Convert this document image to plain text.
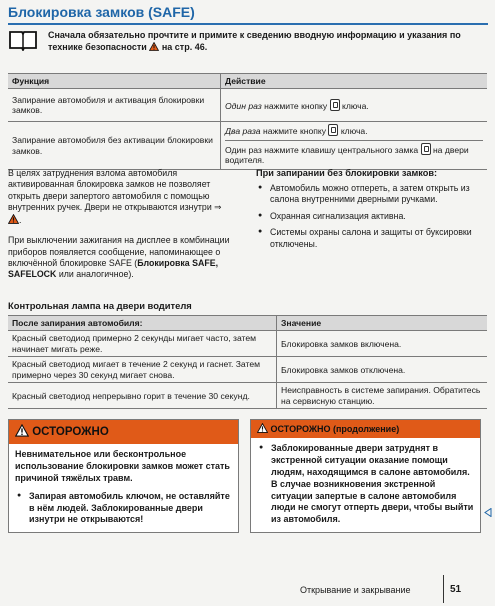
Блокировка замков (SAFE)
Сначала обязательно прочтите и примите к сведению вводную информацию и указания по технике безопасности на стр. 46.
Функция	Действие
Запирание автомобиля и активация блокировки замков.	Один раз нажмите кнопку ключа.
Запирание автомобиля без активации блокировки замков.	Два раза нажмите кнопку ключа.
Один раз нажмите клавишу центрального замка на двери водителя.

В целях затруднения взлома автомобиля активированная блокировка замков не позволяет открыть двери запертого автомобиля с помощью внутренних ручек. Двери не открываются изнутри ⇒ .

При выключении зажигания на дисплее в комбинации приборов появляется сообщение, напоминающее о включённой блокировке SAFE (Блокировка SAFE, SAFELOCK или аналогичное).

При запирании без блокировки замков:
● Автомобиль можно отпереть, а затем открыть из салона внутренними дверными ручками.
● Охранная сигнализация активна.
● Системы охраны салона и защиты от буксировки отключены.
Контрольная лампа на двери водителя
После запирания автомобиля:	Значение
Красный светодиод примерно 2 секунды мигает часто, затем начинает мигать реже.	Блокировка замков включена.
Красный светодиод мигает в течение 2 секунд и гаснет. Затем примерно через 30 секунд мигает снова.	Блокировка замков отключена.
Красный светодиод непрерывно горит в течение 30 секунд.	Неисправность в системе запирания. Обратитесь на сервисную станцию.
ОСТОРОЖНО

Невнимательное или бесконтрольное использование блокировки замков может стать причиной тяжёлых травм.

● Запирая автомобиль ключом, не оставляйте в нём людей. Заблокированные двери изнутри не открываются!
ОСТОРОЖНО (продолжение)
● Заблокированные двери затруднят в экстренной ситуации оказание помощи людям, находящимся в салоне автомобиля. В случае возникновения экстренной ситуации запертые в салоне автомобиля люди не смогут отперть двери, чтобы выйти из автомобиля.
Открывание и закрывание	51
